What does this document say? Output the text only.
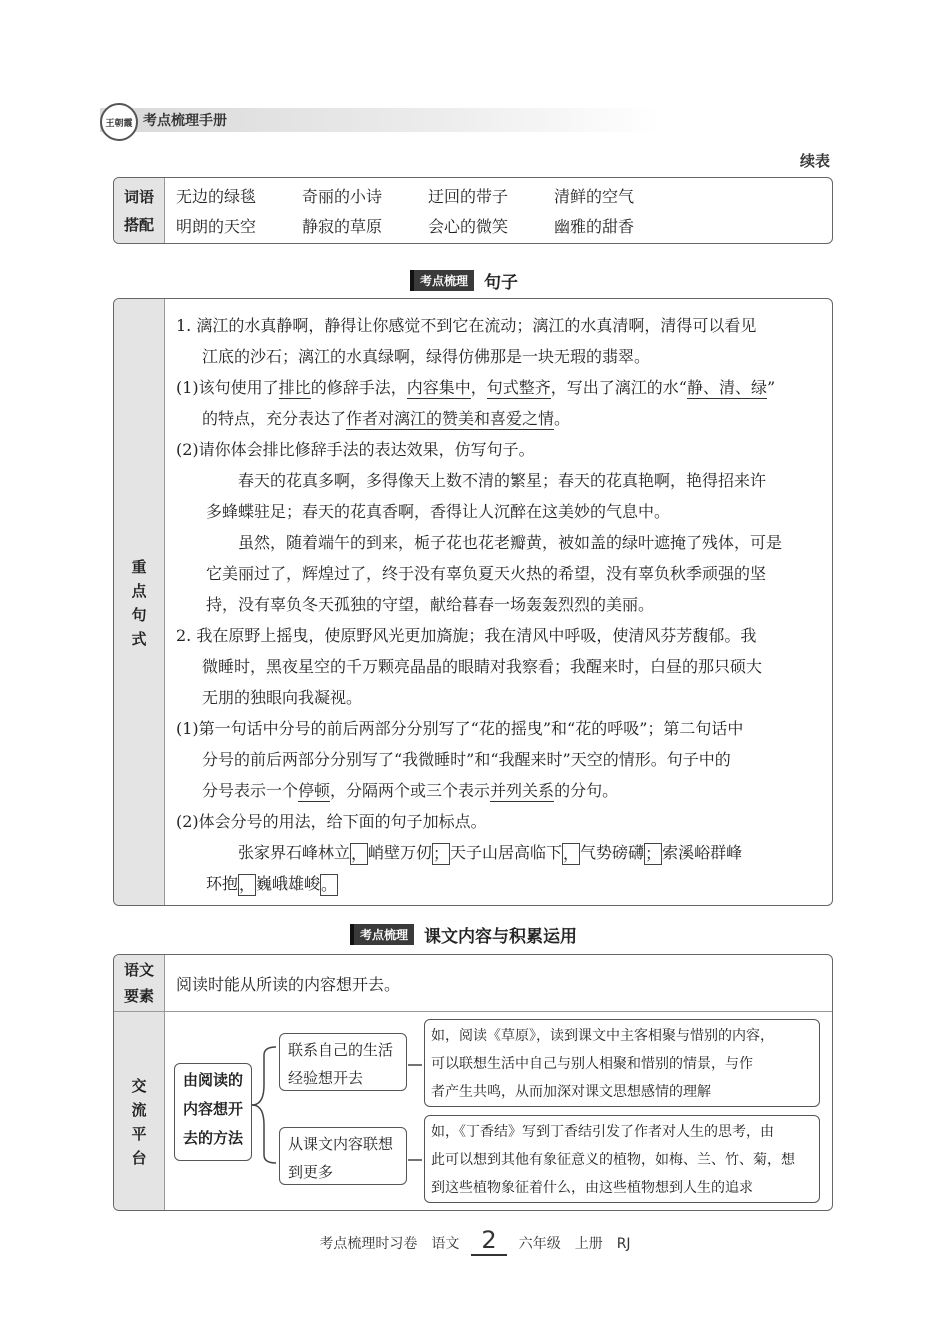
王朝霞 考点梳理手册
续表
词语
搭配
无边的绿毯	奇丽的小诗	迂回的带子	清鲜的空气
明朗的天空	静寂的草原	会心的微笑	幽雅的甜香
考点梳理 句子
重
点
句
式
1. 漓江的水真静啊，静得让你感觉不到它在流动；漓江的水真清啊，清得可以看见
江底的沙石；漓江的水真绿啊，绿得仿佛那是一块无瑕的翡翠。
(1)该句使用了排比的修辞手法，内容集中，句式整齐，写出了漓江的水“静、清、绿”
的特点，充分表达了作者对漓江的赞美和喜爱之情。
(2)请你体会排比修辞手法的表达效果，仿写句子。
春天的花真多啊，多得像天上数不清的繁星；春天的花真艳啊，艳得招来许
多蜂蝶驻足；春天的花真香啊，香得让人沉醉在这美妙的气息中。
虽然，随着端午的到来，栀子花也花老瓣黄，被如盖的绿叶遮掩了残体，可是
它美丽过了，辉煌过了，终于没有辜负夏天火热的希望，没有辜负秋季顽强的坚
持，没有辜负冬天孤独的守望，献给暮春一场轰轰烈烈的美丽。
2. 我在原野上摇曳，使原野风光更加旖旎；我在清风中呼吸，使清风芬芳馥郁。我
微睡时，黑夜星空的千万颗亮晶晶的眼睛对我察看；我醒来时，白昼的那只硕大
无朋的独眼向我凝视。
(1)第一句话中分号的前后两部分分别写了“花的摇曳”和“花的呼吸”；第二句话中
分号的前后两部分分别写了“我微睡时”和“我醒来时”天空的情形。句子中的
分号表示一个停顿，分隔两个或三个表示并列关系的分句。
(2)体会分号的用法，给下面的句子加标点。
张家界石峰林立，峭壁万仞；天子山居高临下，气势磅礴；索溪峪群峰
环抱，巍峨雄峻。
考点梳理 课文内容与积累运用
语文
要素
阅读时能从所读的内容想开去。
交
流
平
台
由阅读的
内容想开
去的方法
联系自己的生活
经验想开去
从课文内容联想
到更多
如，阅读《草原》，读到课文中主客相聚与惜别的内容，
可以联想生活中自己与别人相聚和惜别的情景，与作
者产生共鸣，从而加深对课文思想感情的理解
如，《丁香结》写到丁香结引发了作者对人生的思考，由
此可以想到其他有象征意义的植物，如梅、兰、竹、菊，想
到这些植物象征着什么，由这些植物想到人生的追求
考点梳理时习卷　语文 2 六年级　上册　RJ
